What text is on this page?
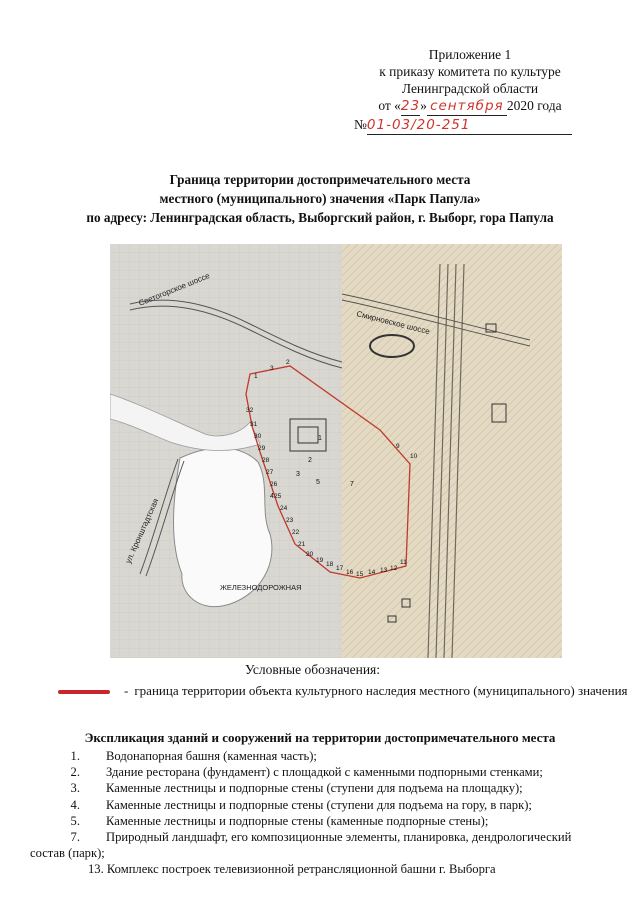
Приложение 1
к приказу комитета по культуре
Ленинградской области
от «23» сентября 2020 года
№01-03/20-251
Граница территории достопримечательного места
местного (муниципального) значения «Парк Папула»
по адресу: Ленинградская область, Выборгский район, г. Выборг, гора Папула
Светогорское шоссе
Смирновское шоссе
ул. Кронштадтская
ЖЕЛЕЗНОДОРОЖНАЯ
1
2
3
9
10
11
12
13
14
15
16
17
18
19
20
21
22
23
24
25
26
27
28
29
30
31
32
1
2
3
4
5	7
Условные обозначения:
- граница территории объекта культурного наследия местного (муниципального) значения
Экспликация зданий и сооружений на территории достопримечательного места
1. Водонапорная башня (каменная часть);
2. Здание ресторана (фундамент) с площадкой с каменными подпорными стенками;
3. Каменные лестницы и подпорные стены (ступени для подъема на площадку);
4. Каменные лестницы и подпорные стены (ступени для подъема на гору, в парк);
5. Каменные лестницы и подпорные стены (каменные подпорные стены);
7. Природный ландшафт, его композиционные элементы, планировка, дендрологический
состав (парк);
13. Комплекс построек телевизионной ретрансляционной башни г. Выборга
